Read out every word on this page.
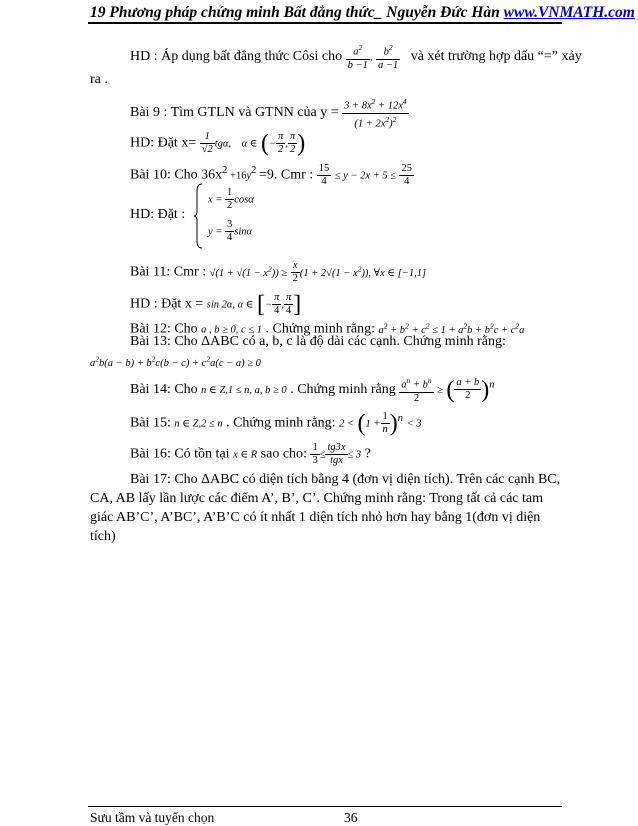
19 Phương pháp chứng minh Bất đẳng thức_ Nguyễn Đức Hàn www.VNMATH.com
HD : Áp dụng bất đẳng thức Côsi cho $\frac{a^2}{b -1}$ , $\frac{b^2}{a -1}$ và xét trường hợp dấu “=” xảy
ra .
Bài 9 : Tìm GTLN và GTNN của $y = \frac{3 + 8x^2 + 12x^4}{(1 + 2x^2)^2}$
HD: Đặt $x= \frac{1}{√2} tg\alpha$, α ∈ (− $\frac{\pi}{2}$ , $\frac{\pi}{2}$ )
Bài 10: Cho $36x^2 +16y^2 =9$. Cmr : $\frac{15}{4} \le y - 2x + 5 \le \frac{25}{4}$
HD: Đặt :
$x = \frac{1}{2}$ cosα
$y = \frac{3}{4}$ sinα
Bài 11: Cmr : $√(1 + √(1 - x^2)) \ge \frac{x}{2} (1 + 2√(1 - x^2))$, ∀x ∈ [−1,1]
HD : Đặt x = sin 2α, α ∈ [− $\frac{\pi}{4}$ , $\frac{\pi}{4}$ ]
Bài 12: Cho a , b ≥ 0, c ≤ 1 . Chứng minh rằng: $a^2 + b^2 + c^2 \le 1 + a^2b + b^2c + c^2a$
Bài 13: Cho ΔABC có a, b, c là độ dài các cạnh. Chứng minh rằng:
$a^2b(a - b) + b^2c(b - c) + c^2a(c - a) \ge 0$
Bài 14: Cho n ∈ Z,1 ≤ n, a, b ≥ 0 . Chứng minh rằng $\frac{a^n + b^n}{2}$ ≥ ( $\frac{a + b}{2} )^n$
Bài 15: n ∈ Z,2 ≤ n . Chứng minh rằng: $2 < (1 + \frac{1}{n} )^n < 3$
Bài 16: Có tồn tại x ∈ R sao cho: $\frac{1}{3} \le \frac{tg3x}{\text{tgx}} \le 3$ ?
Bài 17: Cho ΔABC có diện tích bằng 4 (đơn vị diện tích). Trên các cạnh BC, CA, AB lấy lần lược các điểm A’, B’, C’. Chứng minh rằng: Trong tất cả các tam giác AB’C’, A’BC’, A’B’C có ít nhất 1 diện tích nhỏ hơn hay bằng 1(đơn vị diện tích)
Sưu tầm và tuyển chọn	36
